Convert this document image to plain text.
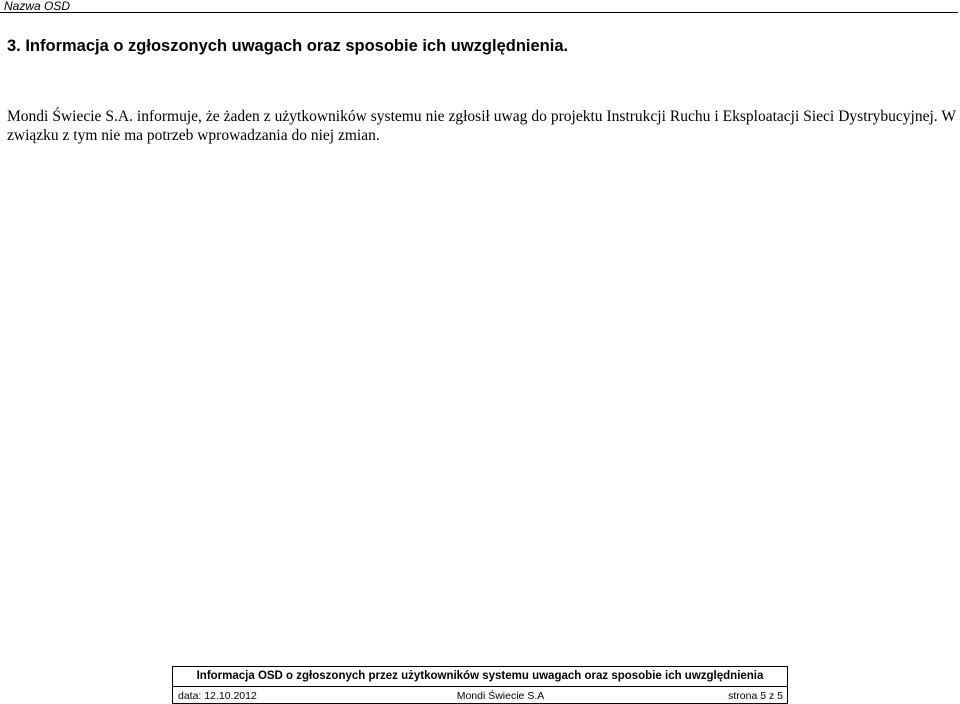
Nazwa OSD
3. Informacja o zgłoszonych uwagach oraz sposobie ich uwzględnienia.

Mondi Świecie S.A. informuje, że żaden z użytkowników systemu nie zgłosił uwag do projektu Instrukcji Ruchu i Eksploatacji Sieci Dystrybucyjnej. W związku z tym nie ma potrzeb wprowadzania do niej zmian.

Informacja OSD o zgłoszonych przez użytkowników systemu uwagach oraz sposobie ich uwzględnienia

data: 12.10.2012	Mondi Świecie S.A	strona 5 z 5
